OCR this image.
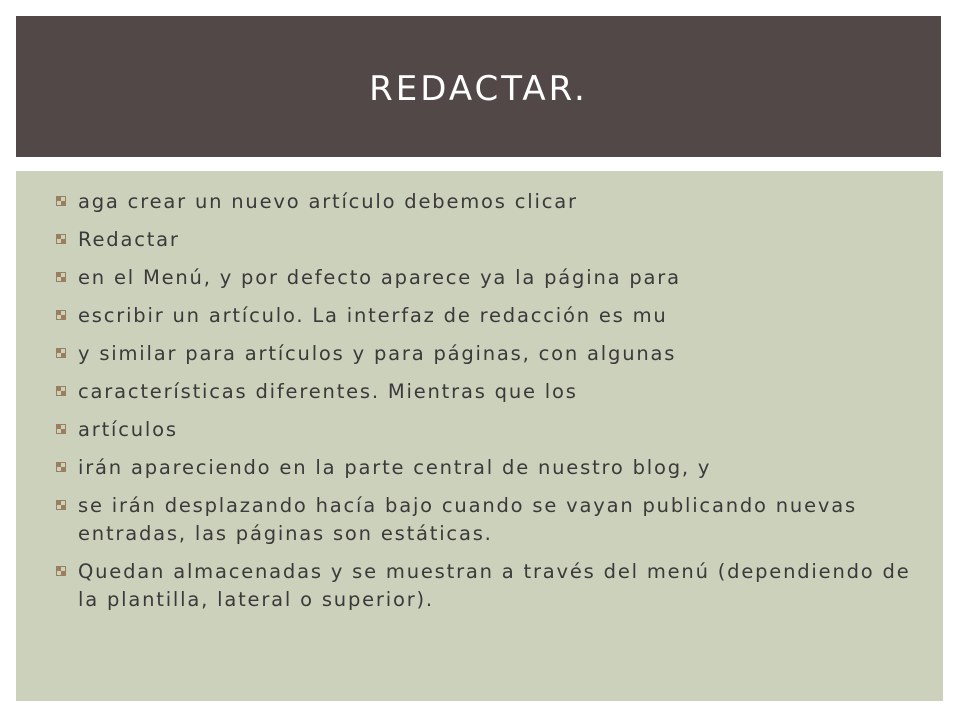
REDACTAR.
aga crear un nuevo artículo debemos clicar
Redactar
en el Menú, y por defecto aparece ya la página para
escribir un artículo. La interfaz de redacción es mu
y similar para artículos y para páginas, con algunas
características diferentes. Mientras que los
artículos
irán apareciendo en la parte central de nuestro blog, y
se irán desplazando hacía bajo cuando se vayan publicando nuevas entradas, las páginas son estáticas.
Quedan almacenadas y se muestran a través del menú (dependiendo de la plantilla, lateral o superior).
